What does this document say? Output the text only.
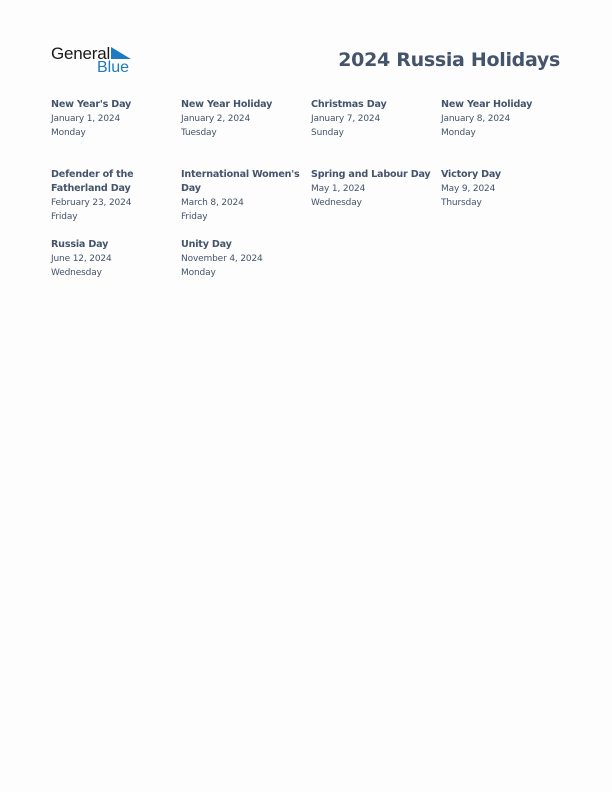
General
Blue	2024 Russia Holidays
New Year's Day
January 1, 2024
Monday
New Year Holiday
January 2, 2024
Tuesday
Christmas Day
January 7, 2024
Sunday
New Year Holiday
January 8, 2024
Monday
Defender of the Fatherland Day
February 23, 2024
Friday
International Women's Day
March 8, 2024
Friday
Spring and Labour Day
May 1, 2024
Wednesday
Victory Day
May 9, 2024
Thursday
Russia Day
June 12, 2024
Wednesday
Unity Day
November 4, 2024
Monday
